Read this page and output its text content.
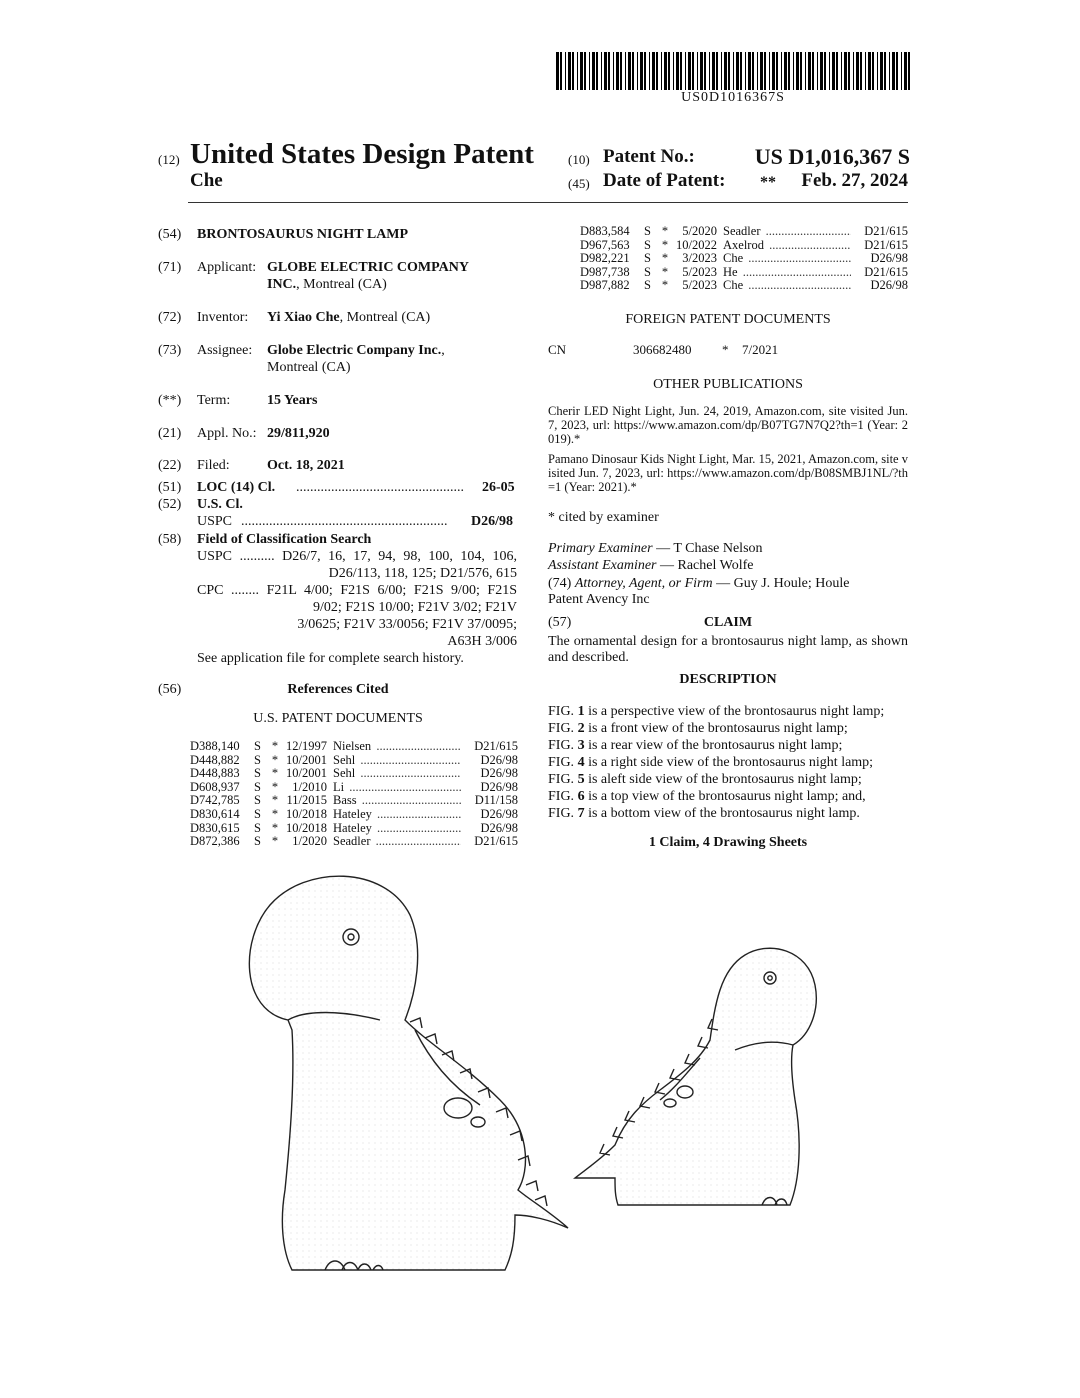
US0D1016367S
(12) United States Design Patent
Che
(10) Patent No.:	US D1,016,367 S
(45) Date of Patent: ** Feb. 27, 2024
(54)	BRONTOSAURUS NIGHT LAMP
(71)	Applicant: GLOBE ELECTRIC COMPANY
INC., Montreal (CA)
(72)	Inventor: Yi Xiao Che, Montreal (CA)
(73)	Assignee: Globe Electric Company Inc.,
Montreal (CA)
(**)	Term:	15 Years
(21)	Appl. No.: 29/811,920
(22)	Filed:	Oct. 18, 2021
(51)	LOC (14) Cl. ................................................	26-05
(52)	U.S. Cl.
USPC ...........................................................	D26/98
(58)	Field of Classification Search
USPC .......... D26/7, 16, 17, 94, 98, 100, 104, 106,
D26/113, 118, 125; D21/576, 615
CPC ........ F21L 4/00; F21S 6/00; F21S 9/00; F21S
9/02; F21S 10/00; F21V 3/02; F21V
3/0625; F21V 33/0056; F21V 37/0095;
A63H 3/006
See application file for complete search history.
(56)	References Cited
U.S. PATENT DOCUMENTS
D388,140	S	*	12/1997	Nielsen .....	D21/615
D448,882	S	*	10/2001	Sehl .....	D26/98
D448,883	S	*	10/2001	Sehl .....	D26/98
D608,937	S	*	1/2010	Li .....	D26/98
D742,785	S	*	11/2015	Bass .....	D11/158
D830,614	S	*	10/2018	Hateley .....	D26/98
D830,615	S	*	10/2018	Hateley .....	D26/98
D872,386	S	*	1/2020	Seadler .....	D21/615
D883,584	S	*	5/2020	Seadler .....	D21/615
D967,563	S	*	10/2022	Axelrod .....	D21/615
D982,221	S	*	3/2023	Che .....	D26/98
D987,738	S	*	5/2023	He .....	D21/615
D987,882	S	*	5/2023	Che .....	D26/98
FOREIGN PATENT DOCUMENTS
CN	306682480 * 7/2021
OTHER PUBLICATIONS
Cherir LED Night Light, Jun. 24, 2019, Amazon.com, site visited Jun. 7, 2023, url: https://www.amazon.com/dp/B07TG7N7Q2?th=1 (Year: 2019).*
Pamano Dinosaur Kids Night Light, Mar. 15, 2021, Amazon.com, site visited Jun. 7, 2023, url: https://www.amazon.com/dp/B08SMBJ1NL/?th=1 (Year: 2021).*
* cited by examiner
Primary Examiner — T Chase Nelson
Assistant Examiner — Rachel Wolfe
(74) Attorney, Agent, or Firm — Guy J. Houle; Houle
Patent Avency Inc
(57)	CLAIM
The ornamental design for a brontosaurus night lamp, as shown and described.
DESCRIPTION
FIG. 1 is a perspective view of the brontosaurus night lamp;
FIG. 2 is a front view of the brontosaurus night lamp;
FIG. 3 is a rear view of the brontosaurus night lamp;
FIG. 4 is a right side view of the brontosaurus night lamp;
FIG. 5 is aleft side view of the brontosaurus night lamp;
FIG. 6 is a top view of the brontosaurus night lamp; and,
FIG. 7 is a bottom view of the brontosaurus night lamp.
1 Claim, 4 Drawing Sheets
